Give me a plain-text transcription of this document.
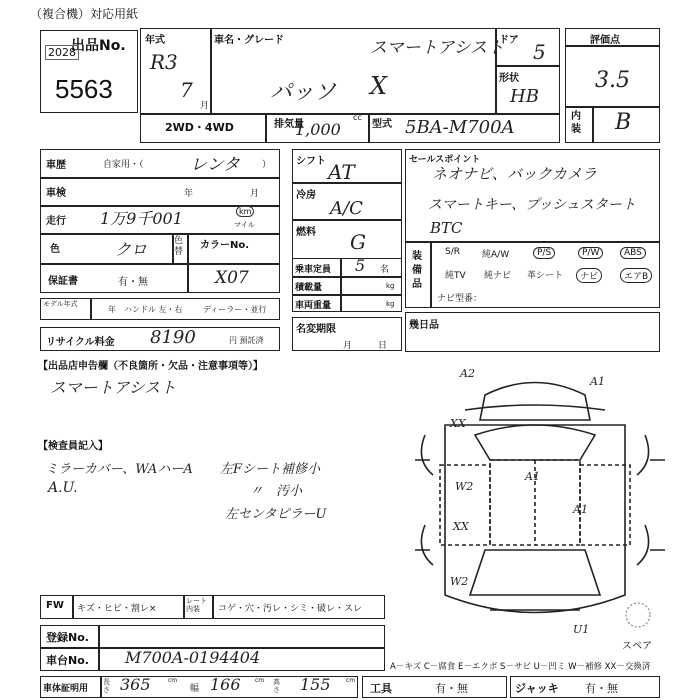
（複合機）対応用紙
出品No.
2028
5563
年式
R3
7
月
車名・グレード	スマートアシスト
パッソ X
ドア 5
形状
HB
2WD・4WD	排気量
cc
1,000	型式 5BA-M700A
評価点
3.5
内装 B
車歴	自家用・（	レンタ ）
車検	年	月
走行 1万9千001	km
マイル
色	クロ	色替
カラーNo.
X07
保証書	有・無
モデル年式
年 ハンドル 左・右	ディーラー・並行
リサイクル料金 8190	円 預託済
シフト AT
冷房
A/C
燃料 G
乗車定員 5 名
積載量	kg
車両重量	kg
名変期限
月	日
セールスポイント
ネオナビ、バックカメラ
スマートキー、プッシュスタート
BTC
装備品
S/R 純A/W	P/S	P/W	ABS
純TV 純ナビ 革シート	ナビ	エアB
ナビ型番：
幾日品
【出品店申告欄（不良箇所・欠品・注意事項等）】
スマートアシスト
【検査員記入】
ミラーカバー、WAハーA
A.U.
左Fシート補修小
〃　汚小
左センタピラーU
A2
A1
XX
W2
A1
XX
A1
W2
U1
スペア
FW キズ・ヒビ・割レ×
レート内装	コゲ・穴・汚レ・シミ・破レ・スレ
登録No.
車台No. M700A-0194404	A－キズ C－腐食 E－エクボ S－サビ U－凹ミ W－補修 XX－交換済
車体証明用
長さ 365	cm
幅 166 cm 高さ 155	cm
工具	有・無	ジャッキ 有・無
